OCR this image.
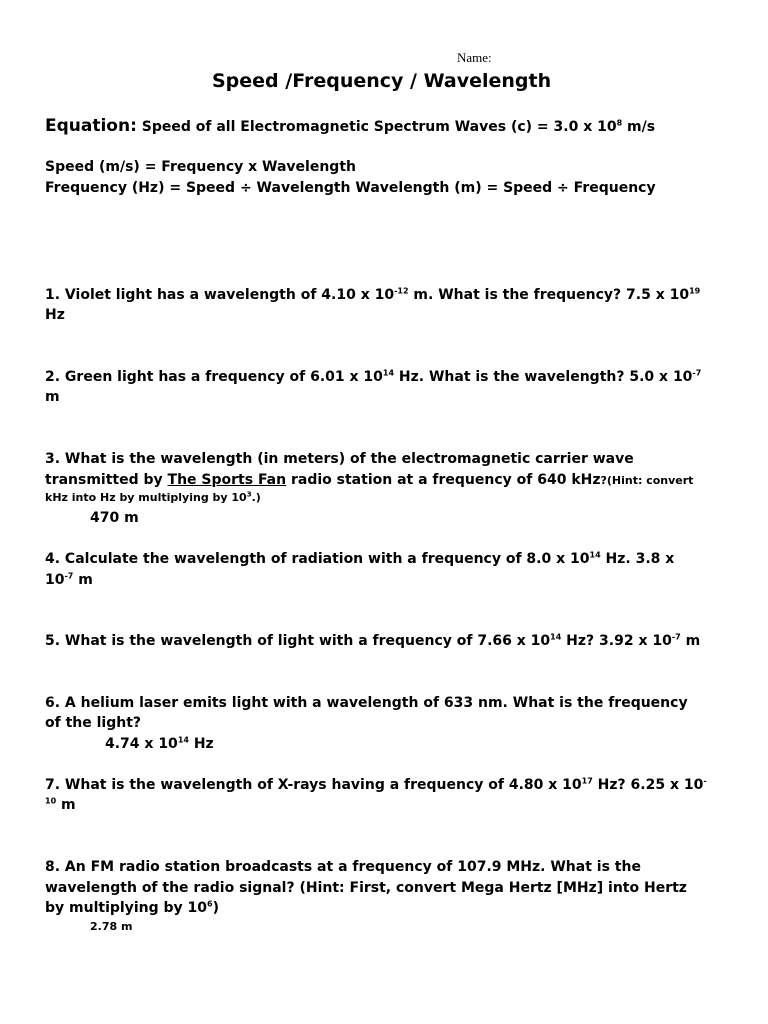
Name:
Speed /Frequency / Wavelength
Equation: Speed of all Electromagnetic Spectrum Waves (c) = 3.0 x $10^8$ m/s
Speed (m/s) = Frequency x Wavelength
Frequency (Hz) = Speed ÷ Wavelength Wavelength (m) = Speed ÷ Frequency
1. Violet light has a wavelength of 4.10 x $10^{-12}$ m. What is the frequency? 7.5 x $10^{19}$
Hz
2. Green light has a frequency of 6.01 x $10^{14}$ Hz. What is the wavelength? 5.0 x $10^{-7}$
m
3. What is the wavelength (in meters) of the electromagnetic carrier wave
transmitted by The Sports Fan radio station at a frequency of 640 kHz?(Hint: convert
kHz into Hz by multiplying by $10^3$.)
470 m
4. Calculate the wavelength of radiation with a frequency of 8.0 x $10^{14}$ Hz. 3.8 x
$10^{-7}$ m
5. What is the wavelength of light with a frequency of 7.66 x $10^{14}$ Hz? 3.92 x $10^{-7}$ m
6. A helium laser emits light with a wavelength of 633 nm. What is the frequency
of the light?
4.74 x $10^{14}$ Hz
7. What is the wavelength of X-rays having a frequency of 4.80 x $10^{17}$ Hz? 6.25 x 10-
$^{10}$ m
8. An FM radio station broadcasts at a frequency of 107.9 MHz. What is the
wavelength of the radio signal? (Hint: First, convert Mega Hertz [MHz] into Hertz
by multiplying by $10^6$)
2.78 m
